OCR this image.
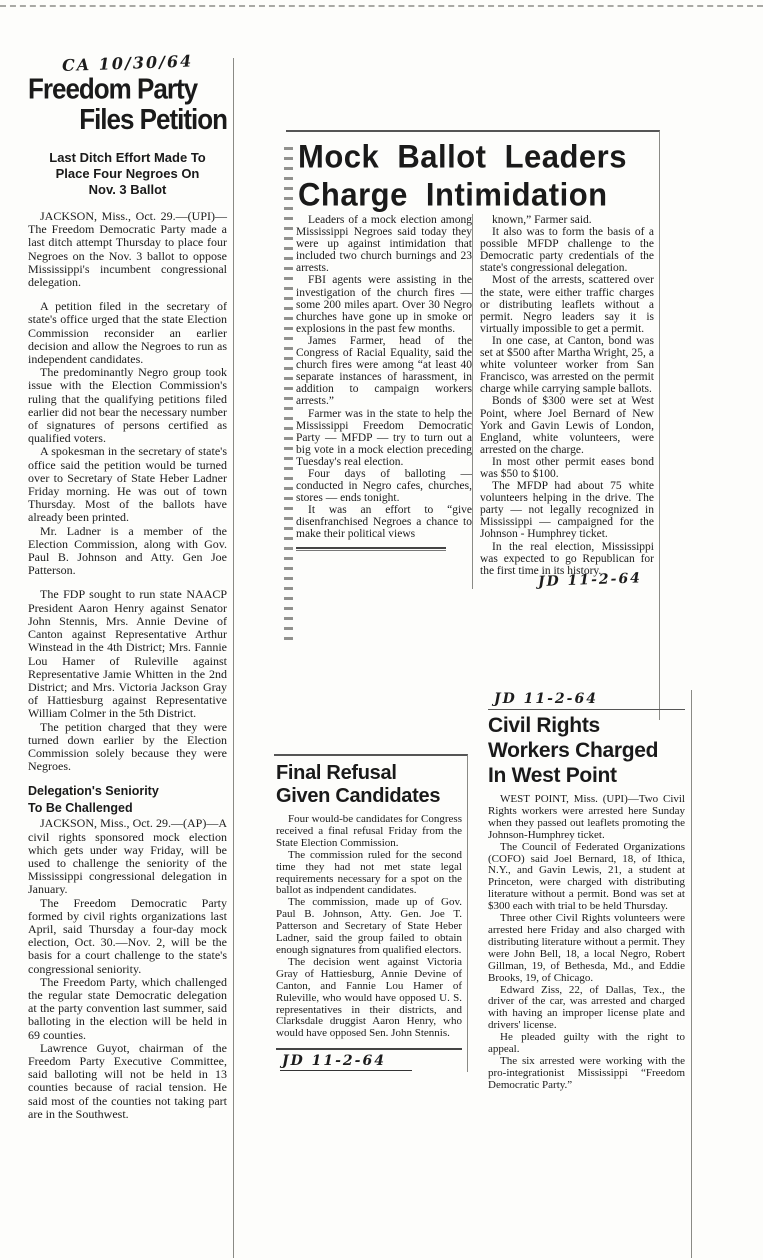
CA 10/30/64
Freedom Party
Files Petition
Last Ditch Effort Made To
Place Four Negroes On
Nov. 3 Ballot

JACKSON, Miss., Oct. 29.—(UPI)—The Freedom Democratic Party made a last ditch attempt Thursday to place four Negroes on the Nov. 3 ballot to oppose Mississippi's incumbent congressional delegation.

A petition filed in the secretary of state's office urged that the state Election Commission reconsider an earlier decision and allow the Negroes to run as independent candidates.

The predominantly Negro group took issue with the Election Commission's ruling that the qualifying petitions filed earlier did not bear the necessary number of signatures of persons certified as qualified voters.

A spokesman in the secretary of state's office said the petition would be turned over to Secretary of State Heber Ladner Friday morning. He was out of town Thursday. Most of the ballots have already been printed.

Mr. Ladner is a member of the Election Commission, along with Gov. Paul B. Johnson and Atty. Gen Joe Patterson.

The FDP sought to run state NAACP President Aaron Henry against Senator John Stennis, Mrs. Annie Devine of Canton against Representative Arthur Winstead in the 4th District; Mrs. Fannie Lou Hamer of Ruleville against Representative Jamie Whitten in the 2nd District; and Mrs. Victoria Jackson Gray of Hattiesburg against Representative William Colmer in the 5th District.

The petition charged that they were turned down earlier by the Election Commission solely because they were Negroes.

Delegation's Seniority
To Be Challenged

JACKSON, Miss., Oct. 29.—(AP)—A civil rights sponsored mock election which gets under way Friday, will be used to challenge the seniority of the Mississippi congressional delegation in January.

The Freedom Democratic Party formed by civil rights organizations last April, said Thursday a four-day mock election, Oct. 30.—Nov. 2, will be the basis for a court challenge to the state's congressional seniority.

The Freedom Party, which challenged the regular state Democratic delegation at the party convention last summer, said balloting in the election will be held in 69 counties.

Lawrence Guyot, chairman of the Freedom Party Executive Committee, said balloting will not be held in 13 counties because of racial tension. He said most of the counties not taking part are in the Southwest.

Mock Ballot Leaders
Charge Intimidation

Leaders of a mock election among Mississippi Negroes said today they were up against intimidation that included two church burnings and 23 arrests.

FBI agents were assisting in the investigation of the church fires — some 200 miles apart. Over 30 Negro churches have gone up in smoke or explosions in the past few months.

James Farmer, head of the Congress of Racial Equality, said the church fires were among “at least 40 separate instances of harassment, in addition to campaign workers arrests.”

Farmer was in the state to help the Mississippi Freedom Democratic Party — MFDP — try to turn out a big vote in a mock election preceding Tuesday's real election.

Four days of balloting — conducted in Negro cafes, churches, stores — ends tonight.

It was an effort to “give disenfranchised Negroes a chance to make their political views

known,” Farmer said.

It also was to form the basis of a possible MFDP challenge to the Democratic party credentials of the state's congressional delegation.

Most of the arrests, scattered over the state, were either traffic charges or distributing leaflets without a permit. Negro leaders say it is virtually impossible to get a permit.

In one case, at Canton, bond was set at $500 after Martha Wright, 25, a white volunteer worker from San Francisco, was arrested on the permit charge while carrying sample ballots.

Bonds of $300 were set at West Point, where Joel Bernard of New York and Gavin Lewis of London, England, white volunteers, were arrested on the charge.

In most other permit eases bond was $50 to $100.

The MFDP had about 75 white volunteers helping in the drive. The party — not legally recognized in Mississippi — campaigned for the Johnson - Humphrey ticket.

In the real election, Mississippi was expected to go Republican for the first time in its history.

JD 11-2-64
Final Refusal
Given Candidates

Four would-be candidates for Congress received a final refusal Friday from the State Election Commission.

The commission ruled for the second time they had not met state legal requirements necessary for a spot on the ballot as indpendent candidates.

The commission, made up of Gov. Paul B. Johnson, Atty. Gen. Joe T. Patterson and Secretary of State Heber Ladner, said the group failed to obtain enough signatures from qualified electors.

The decision went against Victoria Gray of Hattiesburg, Annie Devine of Canton, and Fannie Lou Hamer of Ruleville, who would have opposed U. S. representatives in their districts, and Clarksdale druggist Aaron Henry, who would have opposed Sen. John Stennis.

JD 11-2-64
JD 11-2-64
Civil Rights
Workers Charged
In West Point

WEST POINT, Miss. (UPI)—Two Civil Rights workers were arrested here Sunday when they passed out leaflets promoting the Johnson-Humphrey ticket.

The Council of Federated Organizations (COFO) said Joel Bernard, 18, of Ithica, N.Y., and Gavin Lewis, 21, a student at Princeton, were charged with distributing literature without a permit. Bond was set at $300 each with trial to be held Thursday.

Three other Civil Rights volunteers were arrested here Friday and also charged with distributing literature without a permit. They were John Bell, 18, a local Negro, Robert Gillman, 19, of Bethesda, Md., and Eddie Brooks, 19, of Chicago.

Edward Ziss, 22, of Dallas, Tex., the driver of the car, was arrested and charged with having an improper license plate and drivers' license.

He pleaded guilty with the right to appeal.

The six arrested were working with the pro-integrationist Mississippi “Freedom Democratic Party.”
